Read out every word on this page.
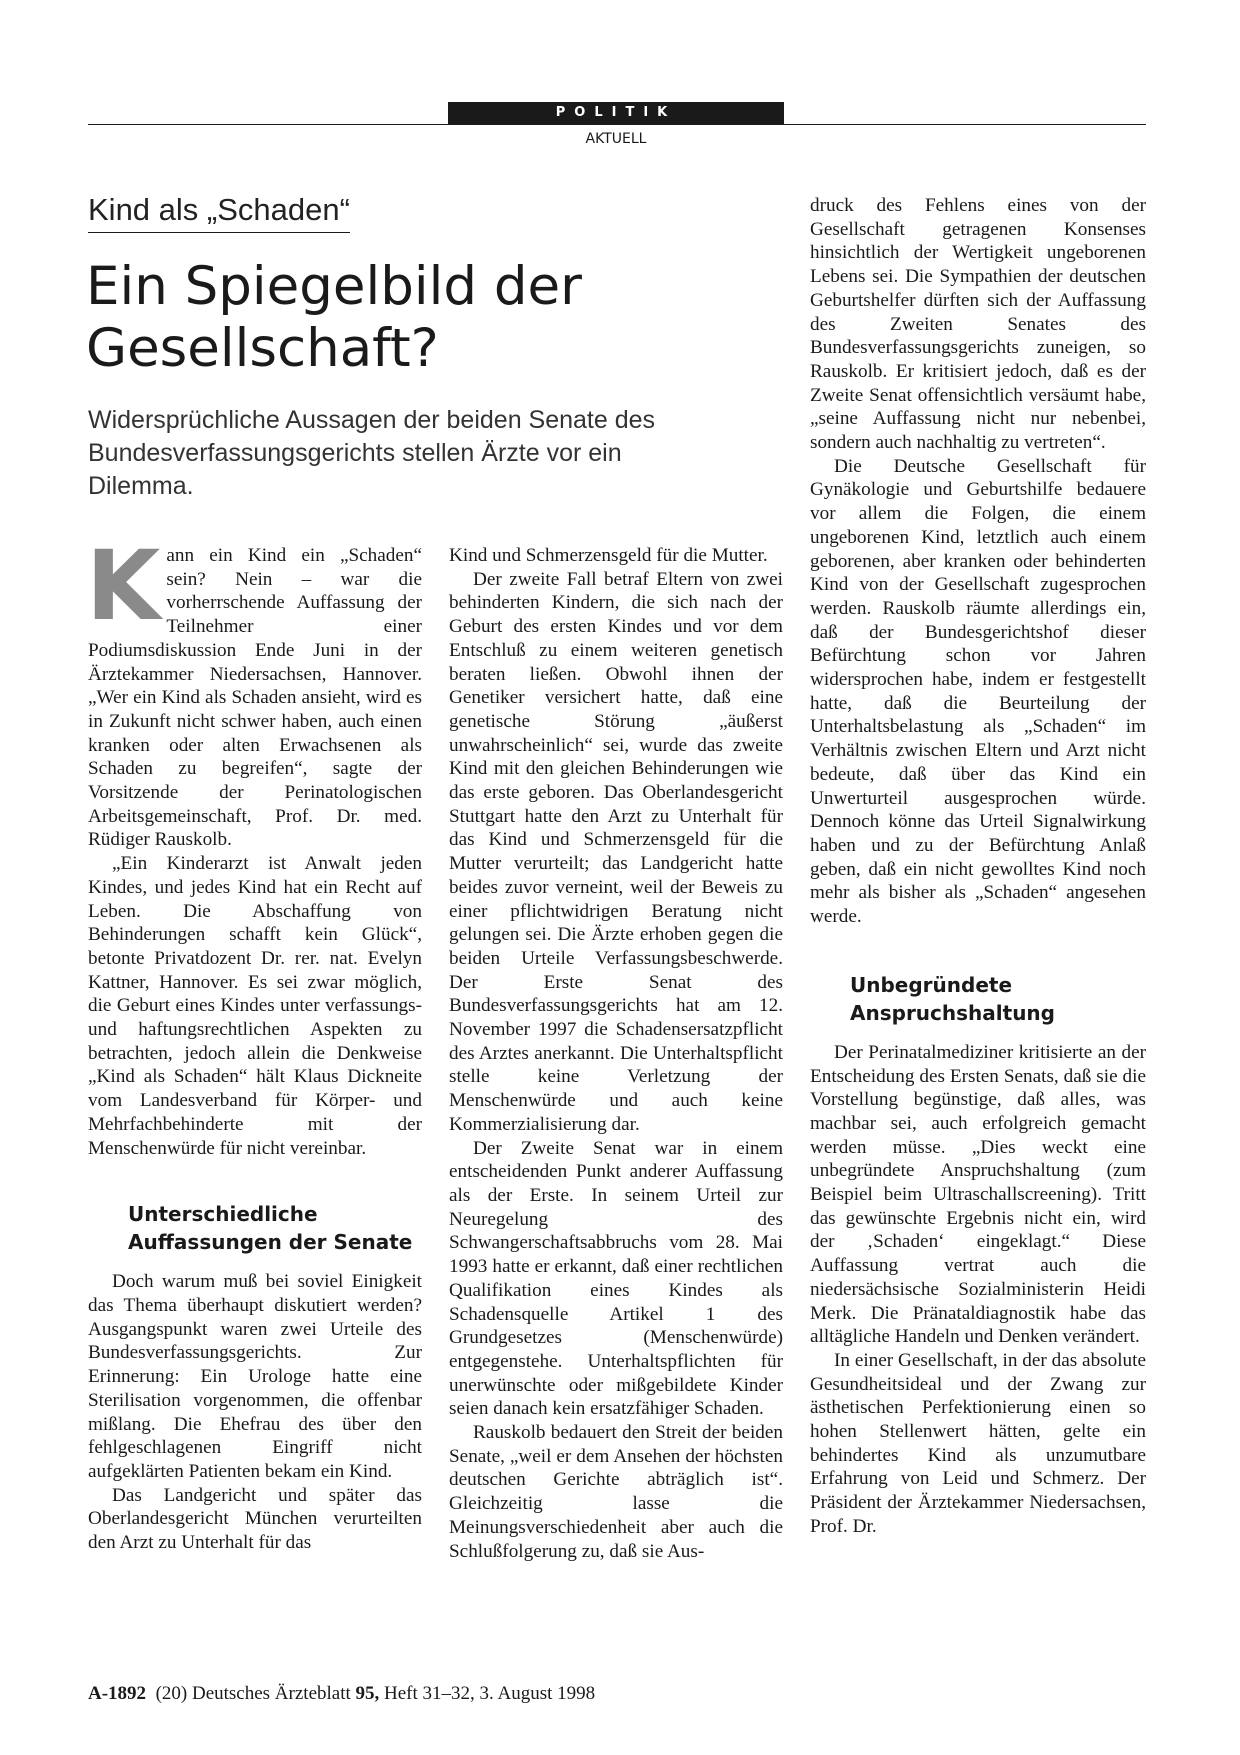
POLITIK
AKTUELL
Kind als „Schaden“
Ein Spiegelbild der Gesellschaft?
Widersprüchliche Aussagen der beiden Senate des Bundesverfassungsgerichts stellen Ärzte vor ein Dilemma.

Kann ein Kind ein „Schaden“ sein? Nein – war die vorherrschende Auffassung der Teilnehmer einer Podiumsdiskussion Ende Juni in der Ärztekammer Niedersachsen, Hannover. „Wer ein Kind als Schaden ansieht, wird es in Zukunft nicht schwer haben, auch einen kranken oder alten Erwachsenen als Schaden zu begreifen“, sagte der Vorsitzende der Perinatologischen Arbeitsgemeinschaft, Prof. Dr. med. Rüdiger Rauskolb.

„Ein Kinderarzt ist Anwalt jeden Kindes, und jedes Kind hat ein Recht auf Leben. Die Abschaffung von Behinderungen schafft kein Glück“, betonte Privatdozent Dr. rer. nat. Evelyn Kattner, Hannover. Es sei zwar möglich, die Geburt eines Kindes unter verfassungs- und haftungsrechtlichen Aspekten zu betrachten, jedoch allein die Denkweise „Kind als Schaden“ hält Klaus Dickneite vom Landesverband für Körper- und Mehrfachbehinderte mit der Menschenwürde für nicht vereinbar.

Unterschiedliche Auffassungen der Senate

Doch warum muß bei soviel Einigkeit das Thema überhaupt diskutiert werden? Ausgangspunkt waren zwei Urteile des Bundesverfassungsgerichts. Zur Erinnerung: Ein Urologe hatte eine Sterilisation vorgenommen, die offenbar mißlang. Die Ehefrau des über den fehlgeschlagenen Eingriff nicht aufgeklärten Patienten bekam ein Kind.

Das Landgericht und später das Oberlandesgericht München verurteilten den Arzt zu Unterhalt für das

Kind und Schmerzensgeld für die Mutter.

Der zweite Fall betraf Eltern von zwei behinderten Kindern, die sich nach der Geburt des ersten Kindes und vor dem Entschluß zu einem weiteren genetisch beraten ließen. Obwohl ihnen der Genetiker versichert hatte, daß eine genetische Störung „äußerst unwahrscheinlich“ sei, wurde das zweite Kind mit den gleichen Behinderungen wie das erste geboren. Das Oberlandesgericht Stuttgart hatte den Arzt zu Unterhalt für das Kind und Schmerzensgeld für die Mutter verurteilt; das Landgericht hatte beides zuvor verneint, weil der Beweis zu einer pflichtwidrigen Beratung nicht gelungen sei. Die Ärzte erhoben gegen die beiden Urteile Verfassungsbeschwerde. Der Erste Senat des Bundesverfassungsgerichts hat am 12. November 1997 die Schadensersatzpflicht des Arztes anerkannt. Die Unterhaltspflicht stelle keine Verletzung der Menschenwürde und auch keine Kommerzialisierung dar.

Der Zweite Senat war in einem entscheidenden Punkt anderer Auffassung als der Erste. In seinem Urteil zur Neuregelung des Schwangerschaftsabbruchs vom 28. Mai 1993 hatte er erkannt, daß einer rechtlichen Qualifikation eines Kindes als Schadensquelle Artikel 1 des Grundgesetzes (Menschenwürde) entgegenstehe. Unterhaltspflichten für unerwünschte oder mißgebildete Kinder seien danach kein ersatzfähiger Schaden.

Rauskolb bedauert den Streit der beiden Senate, „weil er dem Ansehen der höchsten deutschen Gerichte abträglich ist“. Gleichzeitig lasse die Meinungsverschiedenheit aber auch die Schlußfolgerung zu, daß sie Aus-

druck des Fehlens eines von der Gesellschaft getragenen Konsenses hinsichtlich der Wertigkeit ungeborenen Lebens sei. Die Sympathien der deutschen Geburtshelfer dürften sich der Auffassung des Zweiten Senates des Bundesverfassungsgerichts zuneigen, so Rauskolb. Er kritisiert jedoch, daß es der Zweite Senat offensichtlich versäumt habe, „seine Auffassung nicht nur nebenbei, sondern auch nachhaltig zu vertreten“.

Die Deutsche Gesellschaft für Gynäkologie und Geburtshilfe bedauere vor allem die Folgen, die einem ungeborenen Kind, letztlich auch einem geborenen, aber kranken oder behinderten Kind von der Gesellschaft zugesprochen werden. Rauskolb räumte allerdings ein, daß der Bundesgerichtshof dieser Befürchtung schon vor Jahren widersprochen habe, indem er festgestellt hatte, daß die Beurteilung der Unterhaltsbelastung als „Schaden“ im Verhältnis zwischen Eltern und Arzt nicht bedeute, daß über das Kind ein Unwerturteil ausgesprochen würde. Dennoch könne das Urteil Signalwirkung haben und zu der Befürchtung Anlaß geben, daß ein nicht gewolltes Kind noch mehr als bisher als „Schaden“ angesehen werde.

Unbegründete Anspruchshaltung

Der Perinatalmediziner kritisierte an der Entscheidung des Ersten Senats, daß sie die Vorstellung begünstige, daß alles, was machbar sei, auch erfolgreich gemacht werden müsse. „Dies weckt eine unbegründete Anspruchshaltung (zum Beispiel beim Ultraschallscreening). Tritt das gewünschte Ergebnis nicht ein, wird der ‚Schaden‘ eingeklagt.“ Diese Auffassung vertrat auch die niedersächsische Sozialministerin Heidi Merk. Die Pränataldiagnostik habe das alltägliche Handeln und Denken verändert.

In einer Gesellschaft, in der das absolute Gesundheitsideal und der Zwang zur ästhetischen Perfektionierung einen so hohen Stellenwert hätten, gelte ein behindertes Kind als unzumutbare Erfahrung von Leid und Schmerz. Der Präsident der Ärztekammer Niedersachsen, Prof. Dr.

A-1892 (20) Deutsches Ärzteblatt 95, Heft 31–32, 3. August 1998
